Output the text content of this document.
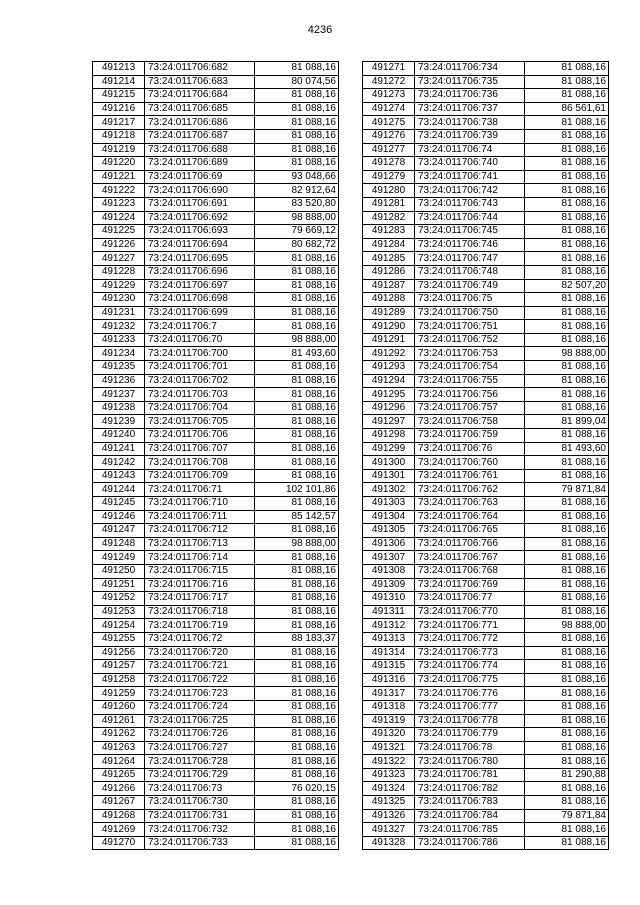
4236
491213	73:24:011706:682	81 088,16
491214	73:24:011706:683	80 074,56
491215	73:24:011706:684	81 088,16
491216	73:24:011706:685	81 088,16
491217	73:24:011706:686	81 088,16
491218	73:24:011706:687	81 088,16
491219	73:24:011706:688	81 088,16
491220	73:24:011706:689	81 088,16
491221	73:24:011706:69	93 048,66
491222	73:24:011706:690	82 912,64
491223	73:24:011706:691	83 520,80
491224	73:24:011706:692	98 888,00
491225	73:24:011706:693	79 669,12
491226	73:24:011706:694	80 682,72
491227	73:24:011706:695	81 088,16
491228	73:24:011706:696	81 088,16
491229	73:24:011706:697	81 088,16
491230	73:24:011706:698	81 088,16
491231	73:24:011706:699	81 088,16
491232	73:24:011706:7	81 088,16
491233	73:24:011706:70	98 888,00
491234	73:24:011706:700	81 493,60
491235	73:24:011706:701	81 088,16
491236	73:24:011706:702	81 088,16
491237	73:24:011706:703	81 088,16
491238	73:24:011706:704	81 088,16
491239	73:24:011706:705	81 088,16
491240	73:24:011706:706	81 088,16
491241	73:24:011706:707	81 088,16
491242	73:24:011706:708	81 088,16
491243	73:24:011706:709	81 088,16
491244	73:24:011706:71	102 101,86
491245	73:24:011706:710	81 088,16
491246	73:24:011706:711	85 142,57
491247	73:24:011706:712	81 088,16
491248	73:24:011706:713	98 888,00
491249	73:24:011706:714	81 088,16
491250	73:24:011706:715	81 088,16
491251	73:24:011706:716	81 088,16
491252	73:24:011706:717	81 088,16
491253	73:24:011706:718	81 088,16
491254	73:24:011706:719	81 088,16
491255	73:24:011706:72	88 183,37
491256	73:24:011706:720	81 088,16
491257	73:24:011706:721	81 088,16
491258	73:24:011706:722	81 088,16
491259	73:24:011706:723	81 088,16
491260	73:24:011706:724	81 088,16
491261	73:24:011706:725	81 088,16
491262	73:24:011706:726	81 088,16
491263	73:24:011706:727	81 088,16
491264	73:24:011706:728	81 088,16
491265	73:24:011706:729	81 088,16
491266	73:24:011706:73	76 020,15
491267	73:24:011706:730	81 088,16
491268	73:24:011706:731	81 088,16
491269	73:24:011706:732	81 088,16
491270	73:24:011706:733	81 088,16
491271	73:24:011706:734	81 088,16
491272	73:24:011706:735	81 088,16
491273	73:24:011706:736	81 088,16
491274	73:24:011706:737	86 561,61
491275	73:24:011706:738	81 088,16
491276	73:24:011706:739	81 088,16
491277	73:24:011706:74	81 088,16
491278	73:24:011706:740	81 088,16
491279	73:24:011706:741	81 088,16
491280	73:24:011706:742	81 088,16
491281	73:24:011706:743	81 088,16
491282	73:24:011706:744	81 088,16
491283	73:24:011706:745	81 088,16
491284	73:24:011706:746	81 088,16
491285	73:24:011706:747	81 088,16
491286	73:24:011706:748	81 088,16
491287	73:24:011706:749	82 507,20
491288	73:24:011706:75	81 088,16
491289	73:24:011706:750	81 088,16
491290	73:24:011706:751	81 088,16
491291	73:24:011706:752	81 088,16
491292	73:24:011706:753	98 888,00
491293	73:24:011706:754	81 088,16
491294	73:24:011706:755	81 088,16
491295	73:24:011706:756	81 088,16
491296	73:24:011706:757	81 088,16
491297	73:24:011706:758	81 899,04
491298	73:24:011706:759	81 088,16
491299	73:24:011706:76	81 493,60
491300	73:24:011706:760	81 088,16
491301	73:24:011706:761	81 088,16
491302	73:24:011706:762	79 871,84
491303	73:24:011706:763	81 088,16
491304	73:24:011706:764	81 088,16
491305	73:24:011706:765	81 088,16
491306	73:24:011706:766	81 088,16
491307	73:24:011706:767	81 088,16
491308	73:24:011706:768	81 088,16
491309	73:24:011706:769	81 088,16
491310	73:24:011706:77	81 088,16
491311	73:24:011706:770	81 088,16
491312	73:24:011706:771	98 888,00
491313	73:24:011706:772	81 088,16
491314	73:24:011706:773	81 088,16
491315	73:24:011706:774	81 088,16
491316	73:24:011706:775	81 088,16
491317	73:24:011706:776	81 088,16
491318	73:24:011706:777	81 088,16
491319	73:24:011706:778	81 088,16
491320	73:24:011706:779	81 088,16
491321	73:24:011706:78	81 088,16
491322	73:24:011706:780	81 088,16
491323	73:24:011706:781	81 290,88
491324	73:24:011706:782	81 088,16
491325	73:24:011706:783	81 088,16
491326	73:24:011706:784	79 871,84
491327	73:24:011706:785	81 088,16
491328	73:24:011706:786	81 088,16
